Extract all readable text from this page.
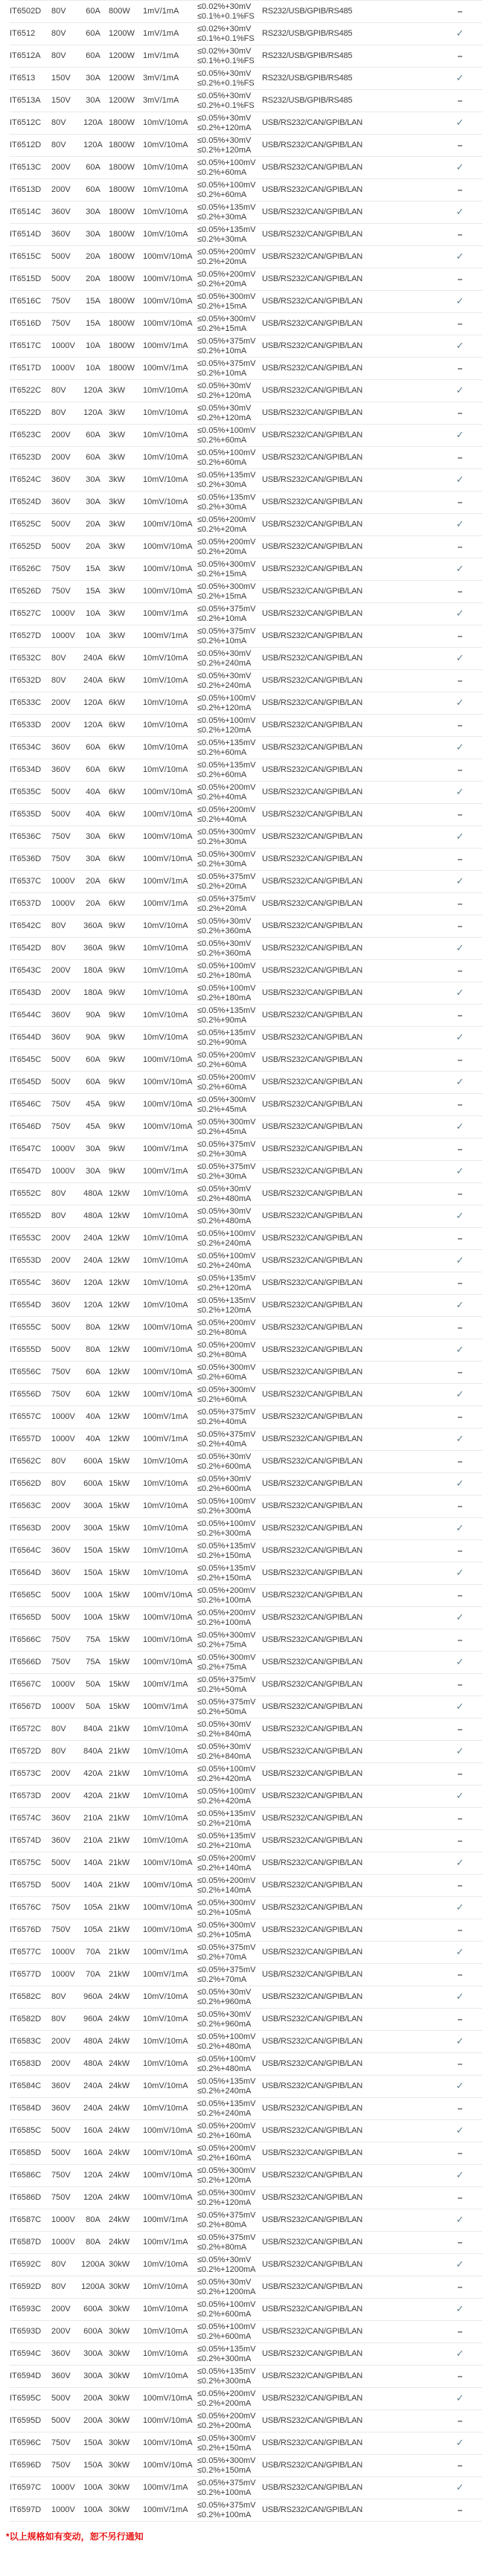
IT6502D	80V	60A	800W	1mV/1mA	≤0.02%+30mV
≤0.1%+0.1%FS	RS232/USB/GPIB/RS485	–
IT6512	80V	60A	1200W	1mV/1mA	≤0.02%+30mV
≤0.1%+0.1%FS	RS232/USB/GPIB/RS485	✓
IT6512A	80V	60A	1200W	1mV/1mA	≤0.02%+30mV
≤0.1%+0.1%FS	RS232/USB/GPIB/RS485	–
IT6513	150V	30A	1200W	3mV/1mA	≤0.05%+30mV
≤0.2%+0.1%FS	RS232/USB/GPIB/RS485	✓
IT6513A	150V	30A	1200W	3mV/1mA	≤0.05%+30mV
≤0.2%+0.1%FS	RS232/USB/GPIB/RS485	–
IT6512C	80V	120A	1800W	10mV/10mA	≤0.05%+30mV
≤0.2%+120mA	USB/RS232/CAN/GPIB/LAN	✓
IT6512D	80V	120A	1800W	10mV/10mA	≤0.05%+30mV
≤0.2%+120mA	USB/RS232/CAN/GPIB/LAN	–
IT6513C	200V	60A	1800W	10mV/10mA	≤0.05%+100mV
≤0.2%+60mA	USB/RS232/CAN/GPIB/LAN	✓
IT6513D	200V	60A	1800W	10mV/10mA	≤0.05%+100mV
≤0.2%+60mA	USB/RS232/CAN/GPIB/LAN	–
IT6514C	360V	30A	1800W	10mV/10mA	≤0.05%+135mV
≤0.2%+30mA	USB/RS232/CAN/GPIB/LAN	✓
IT6514D	360V	30A	1800W	10mV/10mA	≤0.05%+135mV
≤0.2%+30mA	USB/RS232/CAN/GPIB/LAN	–
IT6515C	500V	20A	1800W	100mV/10mA	≤0.05%+200mV
≤0.2%+20mA	USB/RS232/CAN/GPIB/LAN	✓
IT6515D	500V	20A	1800W	100mV/10mA	≤0.05%+200mV
≤0.2%+20mA	USB/RS232/CAN/GPIB/LAN	–
IT6516C	750V	15A	1800W	100mV/10mA	≤0.05%+300mV
≤0.2%+15mA	USB/RS232/CAN/GPIB/LAN	✓
IT6516D	750V	15A	1800W	100mV/10mA	≤0.05%+300mV
≤0.2%+15mA	USB/RS232/CAN/GPIB/LAN	–
IT6517C	1000V	10A	1800W	100mV/1mA	≤0.05%+375mV
≤0.2%+10mA	USB/RS232/CAN/GPIB/LAN	✓
IT6517D	1000V	10A	1800W	100mV/1mA	≤0.05%+375mV
≤0.2%+10mA	USB/RS232/CAN/GPIB/LAN	–
IT6522C	80V	120A	3kW	10mV/10mA	≤0.05%+30mV
≤0.2%+120mA	USB/RS232/CAN/GPIB/LAN	✓
IT6522D	80V	120A	3kW	10mV/10mA	≤0.05%+30mV
≤0.2%+120mA	USB/RS232/CAN/GPIB/LAN	–
IT6523C	200V	60A	3kW	10mV/10mA	≤0.05%+100mV
≤0.2%+60mA	USB/RS232/CAN/GPIB/LAN	✓
IT6523D	200V	60A	3kW	10mV/10mA	≤0.05%+100mV
≤0.2%+60mA	USB/RS232/CAN/GPIB/LAN	–
IT6524C	360V	30A	3kW	10mV/10mA	≤0.05%+135mV
≤0.2%+30mA	USB/RS232/CAN/GPIB/LAN	✓
IT6524D	360V	30A	3kW	10mV/10mA	≤0.05%+135mV
≤0.2%+30mA	USB/RS232/CAN/GPIB/LAN	–
IT6525C	500V	20A	3kW	100mV/10mA	≤0.05%+200mV
≤0.2%+20mA	USB/RS232/CAN/GPIB/LAN	✓
IT6525D	500V	20A	3kW	100mV/10mA	≤0.05%+200mV
≤0.2%+20mA	USB/RS232/CAN/GPIB/LAN	–
IT6526C	750V	15A	3kW	100mV/10mA	≤0.05%+300mV
≤0.2%+15mA	USB/RS232/CAN/GPIB/LAN	✓
IT6526D	750V	15A	3kW	100mV/10mA	≤0.05%+300mV
≤0.2%+15mA	USB/RS232/CAN/GPIB/LAN	–
IT6527C	1000V	10A	3kW	100mV/1mA	≤0.05%+375mV
≤0.2%+10mA	USB/RS232/CAN/GPIB/LAN	✓
IT6527D	1000V	10A	3kW	100mV/1mA	≤0.05%+375mV
≤0.2%+10mA	USB/RS232/CAN/GPIB/LAN	–
IT6532C	80V	240A	6kW	10mV/10mA	≤0.05%+30mV
≤0.2%+240mA	USB/RS232/CAN/GPIB/LAN	✓
IT6532D	80V	240A	6kW	10mV/10mA	≤0.05%+30mV
≤0.2%+240mA	USB/RS232/CAN/GPIB/LAN	–
IT6533C	200V	120A	6kW	10mV/10mA	≤0.05%+100mV
≤0.2%+120mA	USB/RS232/CAN/GPIB/LAN	✓
IT6533D	200V	120A	6kW	10mV/10mA	≤0.05%+100mV
≤0.2%+120mA	USB/RS232/CAN/GPIB/LAN	–
IT6534C	360V	60A	6kW	10mV/10mA	≤0.05%+135mV
≤0.2%+60mA	USB/RS232/CAN/GPIB/LAN	✓
IT6534D	360V	60A	6kW	10mV/10mA	≤0.05%+135mV
≤0.2%+60mA	USB/RS232/CAN/GPIB/LAN	–
IT6535C	500V	40A	6kW	100mV/10mA	≤0.05%+200mV
≤0.2%+40mA	USB/RS232/CAN/GPIB/LAN	✓
IT6535D	500V	40A	6kW	100mV/10mA	≤0.05%+200mV
≤0.2%+40mA	USB/RS232/CAN/GPIB/LAN	–
IT6536C	750V	30A	6kW	100mV/10mA	≤0.05%+300mV
≤0.2%+30mA	USB/RS232/CAN/GPIB/LAN	✓
IT6536D	750V	30A	6kW	100mV/10mA	≤0.05%+300mV
≤0.2%+30mA	USB/RS232/CAN/GPIB/LAN	–
IT6537C	1000V	20A	6kW	100mV/1mA	≤0.05%+375mV
≤0.2%+20mA	USB/RS232/CAN/GPIB/LAN	✓
IT6537D	1000V	20A	6kW	100mV/1mA	≤0.05%+375mV
≤0.2%+20mA	USB/RS232/CAN/GPIB/LAN	–
IT6542C	80V	360A	9kW	10mV/10mA	≤0.05%+30mV
≤0.2%+360mA	USB/RS232/CAN/GPIB/LAN	–
IT6542D	80V	360A	9kW	10mV/10mA	≤0.05%+30mV
≤0.2%+360mA	USB/RS232/CAN/GPIB/LAN	✓
IT6543C	200V	180A	9kW	10mV/10mA	≤0.05%+100mV
≤0.2%+180mA	USB/RS232/CAN/GPIB/LAN	–
IT6543D	200V	180A	9kW	10mV/10mA	≤0.05%+100mV
≤0.2%+180mA	USB/RS232/CAN/GPIB/LAN	✓
IT6544C	360V	90A	9kW	10mV/10mA	≤0.05%+135mV
≤0.2%+90mA	USB/RS232/CAN/GPIB/LAN	–
IT6544D	360V	90A	9kW	10mV/10mA	≤0.05%+135mV
≤0.2%+90mA	USB/RS232/CAN/GPIB/LAN	✓
IT6545C	500V	60A	9kW	100mV/10mA	≤0.05%+200mV
≤0.2%+60mA	USB/RS232/CAN/GPIB/LAN	–
IT6545D	500V	60A	9kW	100mV/10mA	≤0.05%+200mV
≤0.2%+60mA	USB/RS232/CAN/GPIB/LAN	✓
IT6546C	750V	45A	9kW	100mV/10mA	≤0.05%+300mV
≤0.2%+45mA	USB/RS232/CAN/GPIB/LAN	–
IT6546D	750V	45A	9kW	100mV/10mA	≤0.05%+300mV
≤0.2%+45mA	USB/RS232/CAN/GPIB/LAN	✓
IT6547C	1000V	30A	9kW	100mV/1mA	≤0.05%+375mV
≤0.2%+30mA	USB/RS232/CAN/GPIB/LAN	–
IT6547D	1000V	30A	9kW	100mV/1mA	≤0.05%+375mV
≤0.2%+30mA	USB/RS232/CAN/GPIB/LAN	✓
IT6552C	80V	480A	12kW	10mV/10mA	≤0.05%+30mV
≤0.2%+480mA	USB/RS232/CAN/GPIB/LAN	–
IT6552D	80V	480A	12kW	10mV/10mA	≤0.05%+30mV
≤0.2%+480mA	USB/RS232/CAN/GPIB/LAN	✓
IT6553C	200V	240A	12kW	10mV/10mA	≤0.05%+100mV
≤0.2%+240mA	USB/RS232/CAN/GPIB/LAN	–
IT6553D	200V	240A	12kW	10mV/10mA	≤0.05%+100mV
≤0.2%+240mA	USB/RS232/CAN/GPIB/LAN	✓
IT6554C	360V	120A	12kW	10mV/10mA	≤0.05%+135mV
≤0.2%+120mA	USB/RS232/CAN/GPIB/LAN	–
IT6554D	360V	120A	12kW	10mV/10mA	≤0.05%+135mV
≤0.2%+120mA	USB/RS232/CAN/GPIB/LAN	✓
IT6555C	500V	80A	12kW	100mV/10mA	≤0.05%+200mV
≤0.2%+80mA	USB/RS232/CAN/GPIB/LAN	–
IT6555D	500V	80A	12kW	100mV/10mA	≤0.05%+200mV
≤0.2%+80mA	USB/RS232/CAN/GPIB/LAN	✓
IT6556C	750V	60A	12kW	100mV/10mA	≤0.05%+300mV
≤0.2%+60mA	USB/RS232/CAN/GPIB/LAN	–
IT6556D	750V	60A	12kW	100mV/10mA	≤0.05%+300mV
≤0.2%+60mA	USB/RS232/CAN/GPIB/LAN	✓
IT6557C	1000V	40A	12kW	100mV/1mA	≤0.05%+375mV
≤0.2%+40mA	USB/RS232/CAN/GPIB/LAN	–
IT6557D	1000V	40A	12kW	100mV/1mA	≤0.05%+375mV
≤0.2%+40mA	USB/RS232/CAN/GPIB/LAN	✓
IT6562C	80V	600A	15kW	10mV/10mA	≤0.05%+30mV
≤0.2%+600mA	USB/RS232/CAN/GPIB/LAN	–
IT6562D	80V	600A	15kW	10mV/10mA	≤0.05%+30mV
≤0.2%+600mA	USB/RS232/CAN/GPIB/LAN	✓
IT6563C	200V	300A	15kW	10mV/10mA	≤0.05%+100mV
≤0.2%+300mA	USB/RS232/CAN/GPIB/LAN	–
IT6563D	200V	300A	15kW	10mV/10mA	≤0.05%+100mV
≤0.2%+300mA	USB/RS232/CAN/GPIB/LAN	✓
IT6564C	360V	150A	15kW	10mV/10mA	≤0.05%+135mV
≤0.2%+150mA	USB/RS232/CAN/GPIB/LAN	–
IT6564D	360V	150A	15kW	10mV/10mA	≤0.05%+135mV
≤0.2%+150mA	USB/RS232/CAN/GPIB/LAN	✓
IT6565C	500V	100A	15kW	100mV/10mA	≤0.05%+200mV
≤0.2%+100mA	USB/RS232/CAN/GPIB/LAN	–
IT6565D	500V	100A	15kW	100mV/10mA	≤0.05%+200mV
≤0.2%+100mA	USB/RS232/CAN/GPIB/LAN	✓
IT6566C	750V	75A	15kW	100mV/10mA	≤0.05%+300mV
≤0.2%+75mA	USB/RS232/CAN/GPIB/LAN	–
IT6566D	750V	75A	15kW	100mV/10mA	≤0.05%+300mV
≤0.2%+75mA	USB/RS232/CAN/GPIB/LAN	✓
IT6567C	1000V	50A	15kW	100mV/1mA	≤0.05%+375mV
≤0.2%+50mA	USB/RS232/CAN/GPIB/LAN	–
IT6567D	1000V	50A	15kW	100mV/1mA	≤0.05%+375mV
≤0.2%+50mA	USB/RS232/CAN/GPIB/LAN	✓
IT6572C	80V	840A	21kW	10mV/10mA	≤0.05%+30mV
≤0.2%+840mA	USB/RS232/CAN/GPIB/LAN	–
IT6572D	80V	840A	21kW	10mV/10mA	≤0.05%+30mV
≤0.2%+840mA	USB/RS232/CAN/GPIB/LAN	✓
IT6573C	200V	420A	21kW	10mV/10mA	≤0.05%+100mV
≤0.2%+420mA	USB/RS232/CAN/GPIB/LAN	–
IT6573D	200V	420A	21kW	10mV/10mA	≤0.05%+100mV
≤0.2%+420mA	USB/RS232/CAN/GPIB/LAN	✓
IT6574C	360V	210A	21kW	10mV/10mA	≤0.05%+135mV
≤0.2%+210mA	USB/RS232/CAN/GPIB/LAN	–
IT6574D	360V	210A	21kW	10mV/10mA	≤0.05%+135mV
≤0.2%+210mA	USB/RS232/CAN/GPIB/LAN	–
IT6575C	500V	140A	21kW	100mV/10mA	≤0.05%+200mV
≤0.2%+140mA	USB/RS232/CAN/GPIB/LAN	✓
IT6575D	500V	140A	21kW	100mV/10mA	≤0.05%+200mV
≤0.2%+140mA	USB/RS232/CAN/GPIB/LAN	–
IT6576C	750V	105A	21kW	100mV/10mA	≤0.05%+300mV
≤0.2%+105mA	USB/RS232/CAN/GPIB/LAN	✓
IT6576D	750V	105A	21kW	100mV/10mA	≤0.05%+300mV
≤0.2%+105mA	USB/RS232/CAN/GPIB/LAN	–
IT6577C	1000V	70A	21kW	100mV/1mA	≤0.05%+375mV
≤0.2%+70mA	USB/RS232/CAN/GPIB/LAN	✓
IT6577D	1000V	70A	21kW	100mV/1mA	≤0.05%+375mV
≤0.2%+70mA	USB/RS232/CAN/GPIB/LAN	–
IT6582C	80V	960A	24kW	10mV/10mA	≤0.05%+30mV
≤0.2%+960mA	USB/RS232/CAN/GPIB/LAN	✓
IT6582D	80V	960A	24kW	10mV/10mA	≤0.05%+30mV
≤0.2%+960mA	USB/RS232/CAN/GPIB/LAN	–
IT6583C	200V	480A	24kW	10mV/10mA	≤0.05%+100mV
≤0.2%+480mA	USB/RS232/CAN/GPIB/LAN	✓
IT6583D	200V	480A	24kW	10mV/10mA	≤0.05%+100mV
≤0.2%+480mA	USB/RS232/CAN/GPIB/LAN	–
IT6584C	360V	240A	24kW	10mV/10mA	≤0.05%+135mV
≤0.2%+240mA	USB/RS232/CAN/GPIB/LAN	✓
IT6584D	360V	240A	24kW	10mV/10mA	≤0.05%+135mV
≤0.2%+240mA	USB/RS232/CAN/GPIB/LAN	–
IT6585C	500V	160A	24kW	100mV/10mA	≤0.05%+200mV
≤0.2%+160mA	USB/RS232/CAN/GPIB/LAN	✓
IT6585D	500V	160A	24kW	100mV/10mA	≤0.05%+200mV
≤0.2%+160mA	USB/RS232/CAN/GPIB/LAN	–
IT6586C	750V	120A	24kW	100mV/10mA	≤0.05%+300mV
≤0.2%+120mA	USB/RS232/CAN/GPIB/LAN	✓
IT6586D	750V	120A	24kW	100mV/10mA	≤0.05%+300mV
≤0.2%+120mA	USB/RS232/CAN/GPIB/LAN	–
IT6587C	1000V	80A	24kW	100mV/1mA	≤0.05%+375mV
≤0.2%+80mA	USB/RS232/CAN/GPIB/LAN	✓
IT6587D	1000V	80A	24kW	100mV/1mA	≤0.05%+375mV
≤0.2%+80mA	USB/RS232/CAN/GPIB/LAN	–
IT6592C	80V	1200A	30kW	10mV/10mA	≤0.05%+30mV
≤0.2%+1200mA	USB/RS232/CAN/GPIB/LAN	✓
IT6592D	80V	1200A	30kW	10mV/10mA	≤0.05%+30mV
≤0.2%+1200mA	USB/RS232/CAN/GPIB/LAN	–
IT6593C	200V	600A	30kW	10mV/10mA	≤0.05%+100mV
≤0.2%+600mA	USB/RS232/CAN/GPIB/LAN	✓
IT6593D	200V	600A	30kW	10mV/10mA	≤0.05%+100mV
≤0.2%+600mA	USB/RS232/CAN/GPIB/LAN	–
IT6594C	360V	300A	30kW	10mV/10mA	≤0.05%+135mV
≤0.2%+300mA	USB/RS232/CAN/GPIB/LAN	✓
IT6594D	360V	300A	30kW	10mV/10mA	≤0.05%+135mV
≤0.2%+300mA	USB/RS232/CAN/GPIB/LAN	–
IT6595C	500V	200A	30kW	100mV/10mA	≤0.05%+200mV
≤0.2%+200mA	USB/RS232/CAN/GPIB/LAN	✓
IT6595D	500V	200A	30kW	100mV/10mA	≤0.05%+200mV
≤0.2%+200mA	USB/RS232/CAN/GPIB/LAN	–
IT6596C	750V	150A	30kW	100mV/10mA	≤0.05%+300mV
≤0.2%+150mA	USB/RS232/CAN/GPIB/LAN	✓
IT6596D	750V	150A	30kW	100mV/10mA	≤0.05%+300mV
≤0.2%+150mA	USB/RS232/CAN/GPIB/LAN	–
IT6597C	1000V	100A	30kW	100mV/1mA	≤0.05%+375mV
≤0.2%+100mA	USB/RS232/CAN/GPIB/LAN	✓
IT6597D	1000V	100A	30kW	100mV/1mA	≤0.05%+375mV
≤0.2%+100mA	USB/RS232/CAN/GPIB/LAN	–
*以上规格如有变动，恕不另行通知
